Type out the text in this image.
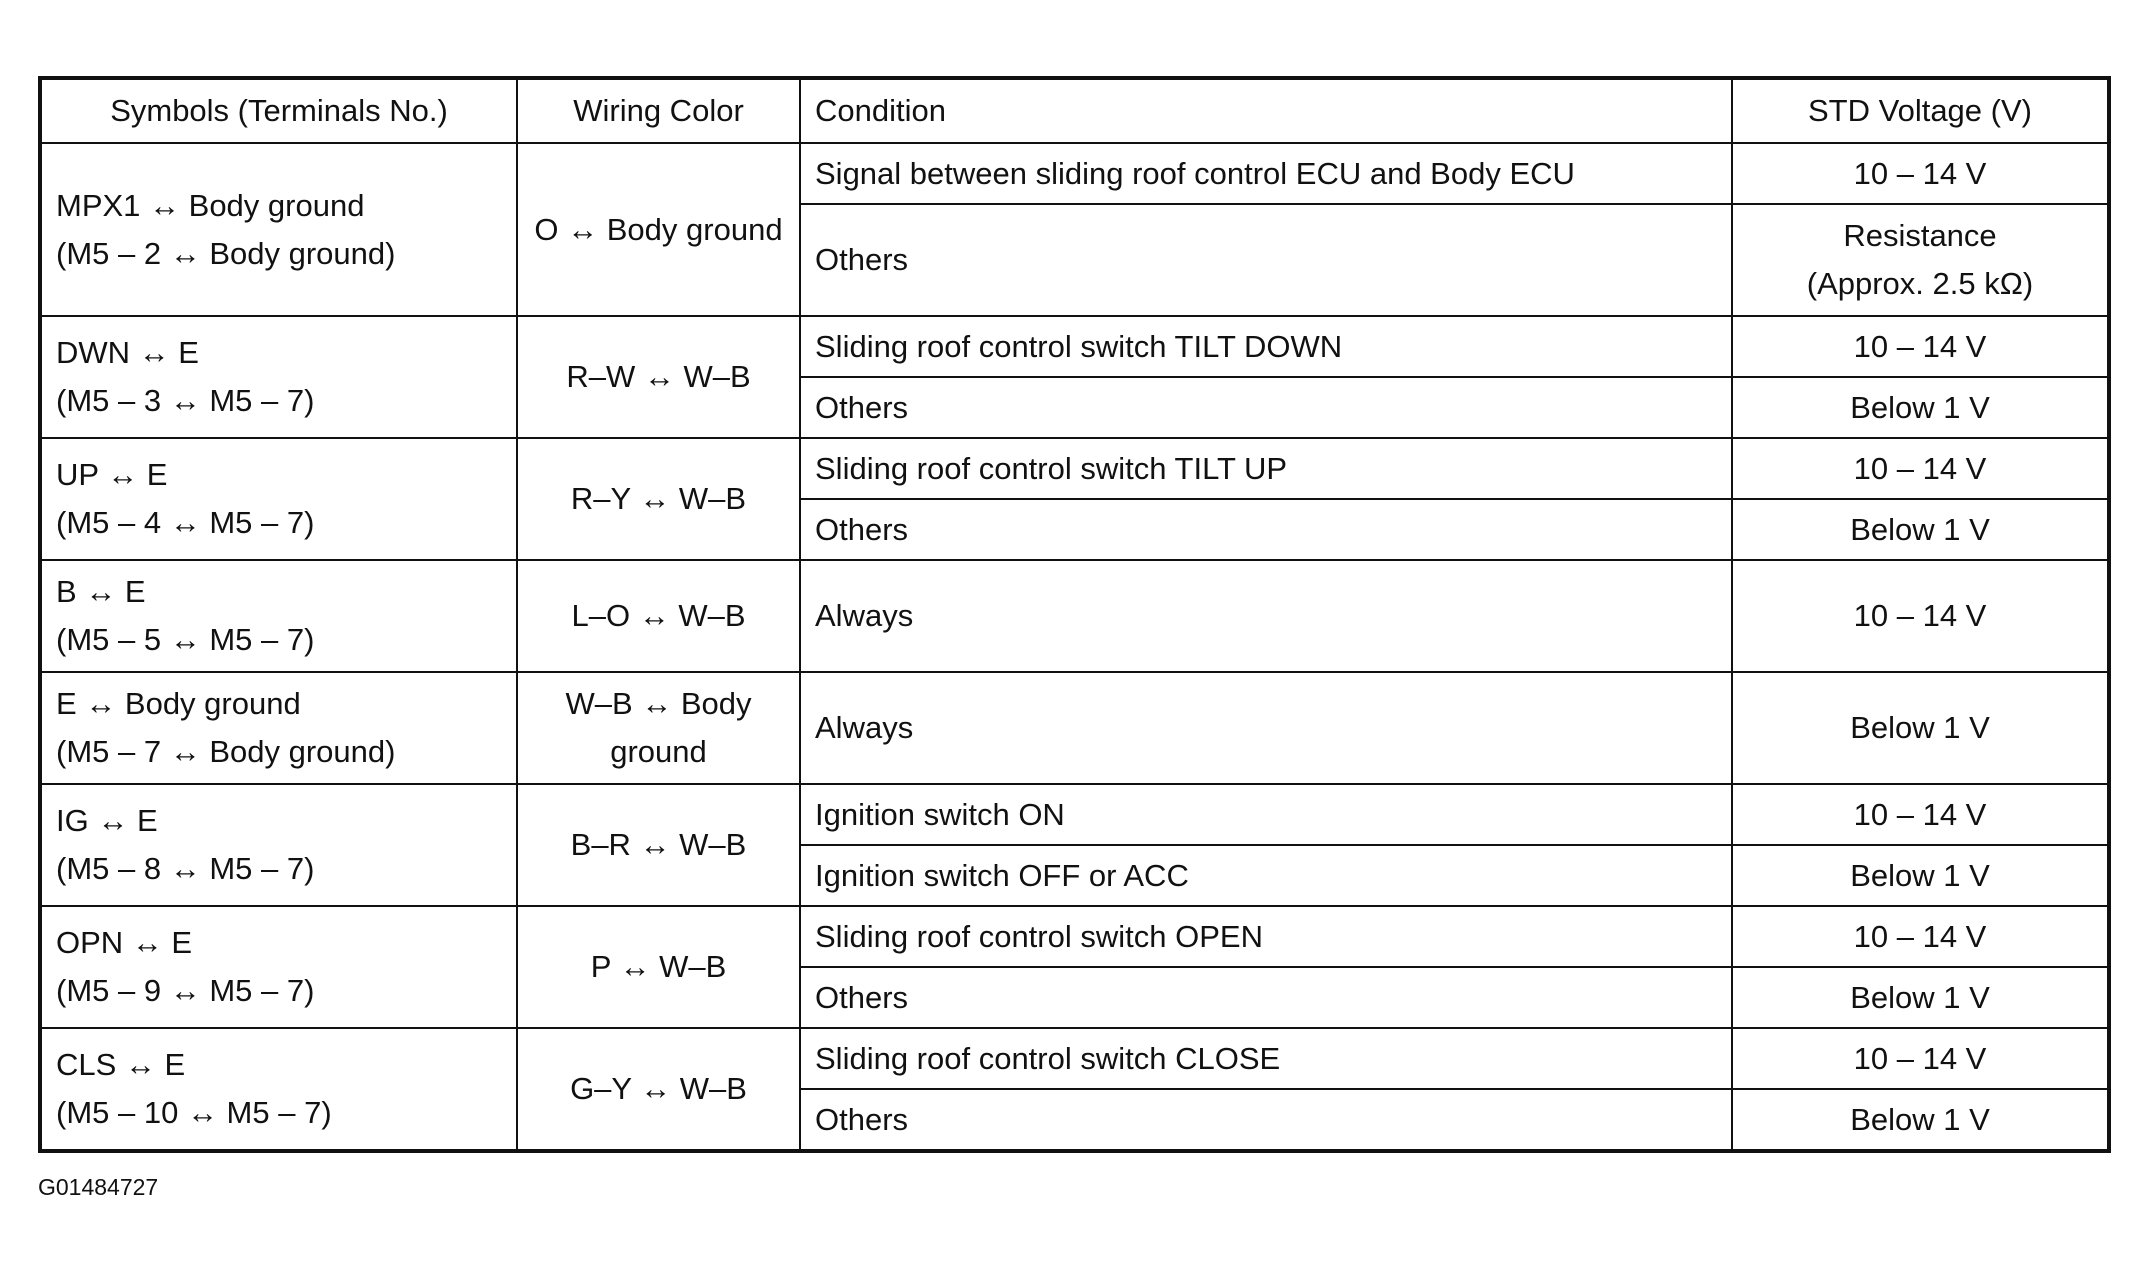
Symbols (Terminals No.)	Wiring Color	Condition	STD Voltage (V)

MPX1 ↔ Body ground
(M5 – 2 ↔ Body ground)	O ↔ Body ground	Signal between sliding roof control ECU and Body ECU	10 – 14 V

		Others	Resistance
(Approx. 2.5 kΩ)

DWN ↔ E
(M5 – 3 ↔ M5 – 7)	R–W ↔ W–B	Sliding roof control switch TILT DOWN	10 – 14 V

		Others	Below 1 V

UP ↔ E
(M5 – 4 ↔ M5 – 7)	R–Y ↔ W–B	Sliding roof control switch TILT UP	10 – 14 V

		Others	Below 1 V

B ↔ E
(M5 – 5 ↔ M5 – 7)	L–O ↔ W–B	Always	10 – 14 V

E ↔ Body ground
(M5 – 7 ↔ Body ground)	W–B ↔ Body ground	Always	Below 1 V

IG ↔ E
(M5 – 8 ↔ M5 – 7)	B–R ↔ W–B	Ignition switch ON	10 – 14 V

		Ignition switch OFF or ACC	Below 1 V

OPN ↔ E
(M5 – 9 ↔ M5 – 7)	P ↔ W–B	Sliding roof control switch OPEN	10 – 14 V

		Others	Below 1 V

CLS ↔ E
(M5 – 10 ↔ M5 – 7)	G–Y ↔ W–B	Sliding roof control switch CLOSE	10 – 14 V

		Others	Below 1 V
G01484727
